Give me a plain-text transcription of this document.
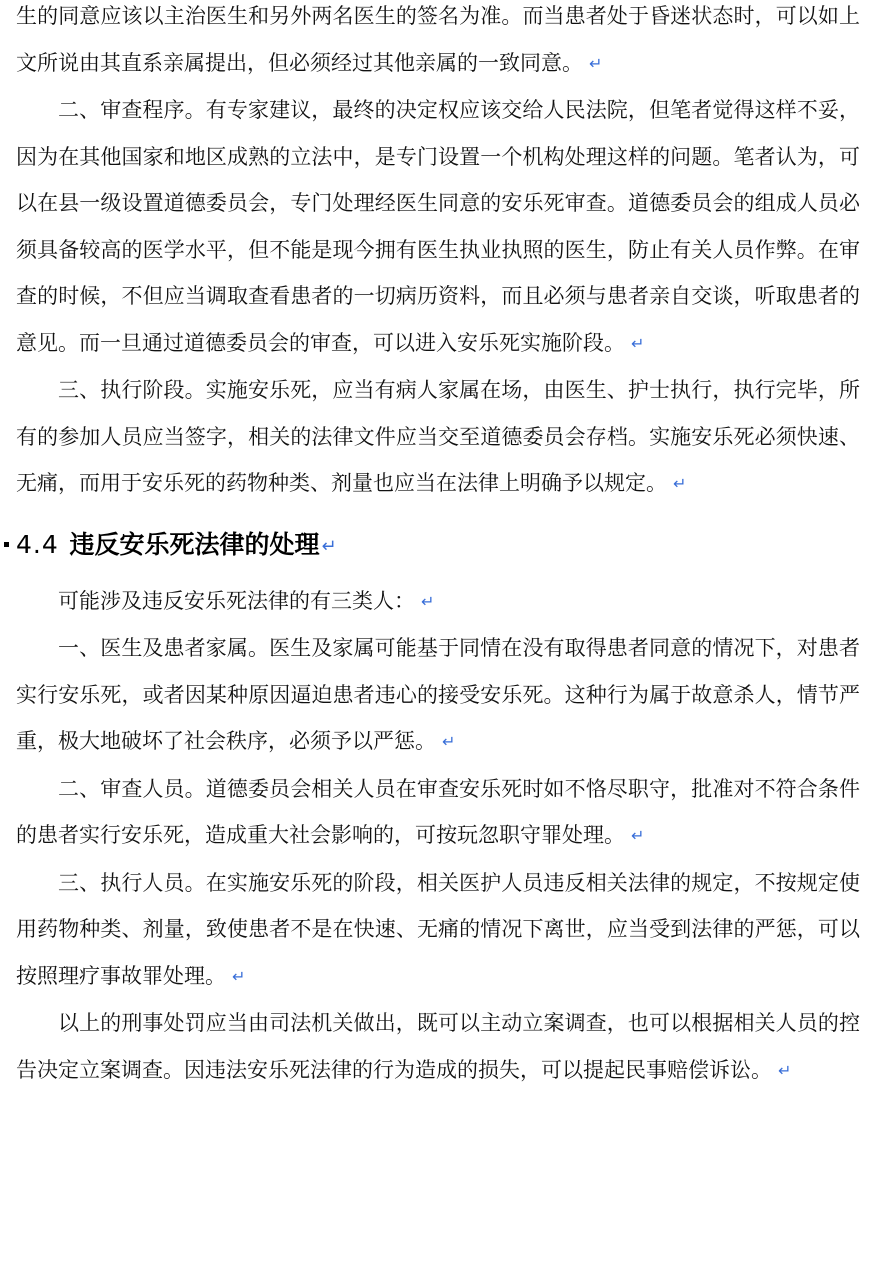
生的同意应该以主治医生和另外两名医生的签名为准。而当患者处于昏迷状态时，可以如上文所说由其直系亲属提出，但必须经过其他亲属的一致同意。 ↵

二、审查程序。有专家建议，最终的决定权应该交给人民法院，但笔者觉得这样不妥，因为在其他国家和地区成熟的立法中，是专门设置一个机构处理这样的问题。笔者认为，可以在县一级设置道德委员会，专门处理经医生同意的安乐死审查。道德委员会的组成人员必须具备较高的医学水平，但不能是现今拥有医生执业执照的医生，防止有关人员作弊。在审查的时候，不但应当调取查看患者的一切病历资料，而且必须与患者亲自交谈，听取患者的意见。而一旦通过道德委员会的审查，可以进入安乐死实施阶段。 ↵

三、执行阶段。实施安乐死，应当有病人家属在场，由医生、护士执行，执行完毕，所有的参加人员应当签字，相关的法律文件应当交至道德委员会存档。实施安乐死必须快速、无痛，而用于安乐死的药物种类、剂量也应当在法律上明确予以规定。 ↵

4.4 违反安乐死法律的处理 ↵

可能涉及违反安乐死法律的有三类人： ↵

一、医生及患者家属。医生及家属可能基于同情在没有取得患者同意的情况下，对患者实行安乐死，或者因某种原因逼迫患者违心的接受安乐死。这种行为属于故意杀人，情节严重，极大地破坏了社会秩序，必须予以严惩。 ↵

二、审查人员。道德委员会相关人员在审查安乐死时如不恪尽职守，批准对不符合条件的患者实行安乐死，造成重大社会影响的，可按玩忽职守罪处理。 ↵

三、执行人员。在实施安乐死的阶段，相关医护人员违反相关法律的规定，不按规定使用药物种类、剂量，致使患者不是在快速、无痛的情况下离世，应当受到法律的严惩，可以按照理疗事故罪处理。 ↵

以上的刑事处罚应当由司法机关做出，既可以主动立案调查，也可以根据相关人员的控告决定立案调查。因违法安乐死法律的行为造成的损失，可以提起民事赔偿诉讼。 ↵
